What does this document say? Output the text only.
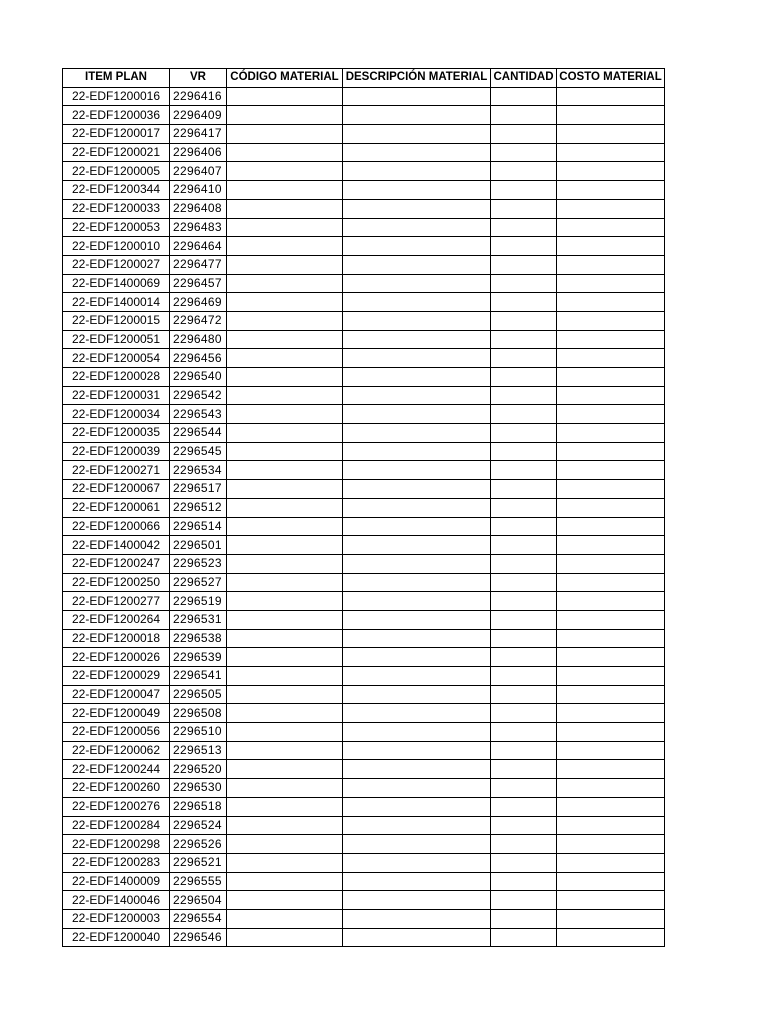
ITEM PLAN	VR	CÓDIGO MATERIAL	DESCRIPCIÓN MATERIAL	CANTIDAD	COSTO MATERIAL
22-EDF1200016	2296416				
22-EDF1200036	2296409				
22-EDF1200017	2296417				
22-EDF1200021	2296406				
22-EDF1200005	2296407				
22-EDF1200344	2296410				
22-EDF1200033	2296408				
22-EDF1200053	2296483				
22-EDF1200010	2296464				
22-EDF1200027	2296477				
22-EDF1400069	2296457				
22-EDF1400014	2296469				
22-EDF1200015	2296472				
22-EDF1200051	2296480				
22-EDF1200054	2296456				
22-EDF1200028	2296540				
22-EDF1200031	2296542				
22-EDF1200034	2296543				
22-EDF1200035	2296544				
22-EDF1200039	2296545				
22-EDF1200271	2296534				
22-EDF1200067	2296517				
22-EDF1200061	2296512				
22-EDF1200066	2296514				
22-EDF1400042	2296501				
22-EDF1200247	2296523				
22-EDF1200250	2296527				
22-EDF1200277	2296519				
22-EDF1200264	2296531				
22-EDF1200018	2296538				
22-EDF1200026	2296539				
22-EDF1200029	2296541				
22-EDF1200047	2296505				
22-EDF1200049	2296508				
22-EDF1200056	2296510				
22-EDF1200062	2296513				
22-EDF1200244	2296520				
22-EDF1200260	2296530				
22-EDF1200276	2296518				
22-EDF1200284	2296524				
22-EDF1200298	2296526				
22-EDF1200283	2296521				
22-EDF1400009	2296555				
22-EDF1400046	2296504				
22-EDF1200003	2296554				
22-EDF1200040	2296546				
